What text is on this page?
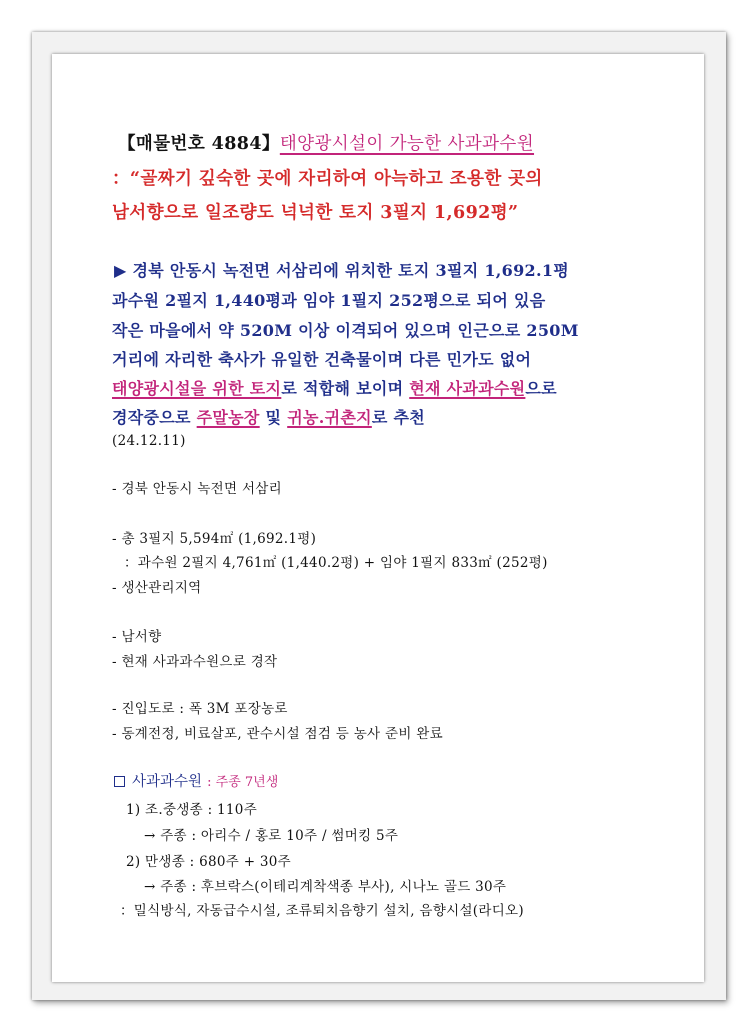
【매물번호 4884】태양광시설이 가능한 사과과수원
：“골짜기 깊숙한 곳에 자리하여 아늑하고 조용한 곳의
남서향으로 일조량도 넉넉한 토지 3필지 1,692평”
▶ 경북 안동시 녹전면 서삼리에 위치한 토지 3필지 1,692.1평
과수원 2필지 1,440평과 임야 1필지 252평으로 되어 있음
작은 마을에서 약 520M 이상 이격되어 있으며 인근으로 250M
거리에 자리한 축사가 유일한 건축물이며 다른 민가도 없어
태양광시설을 위한 토지로 적합해 보이며 현재 사과과수원으로
경작중으로 주말농장 및 귀농.귀촌지로 추천
(24.12.11)
- 경북 안동시 녹전면 서삼리
- 총 3필지 5,594㎡ (1,692.1평)
：과수원 2필지 4,761㎡ (1,440.2평) + 임야 1필지 833㎡ (252평)
- 생산관리지역
- 남서향
- 현재 사과과수원으로 경작
- 진입도로 : 폭 3M 포장농로
- 동계전정, 비료살포, 관수시설 점검 등 농사 준비 완료
사과과수원 : 주종 7년생
1) 조.중생종 : 110주
→ 주종 : 아리수 / 홍로 10주 / 썸머킹 5주
2) 만생종 : 680주 + 30주
→ 주종 : 후브락스(이테리계착색종 부사), 시나노 골드 30주
：밀식방식, 자동급수시설, 조류퇴치음향기 설치, 음향시설(라디오)
